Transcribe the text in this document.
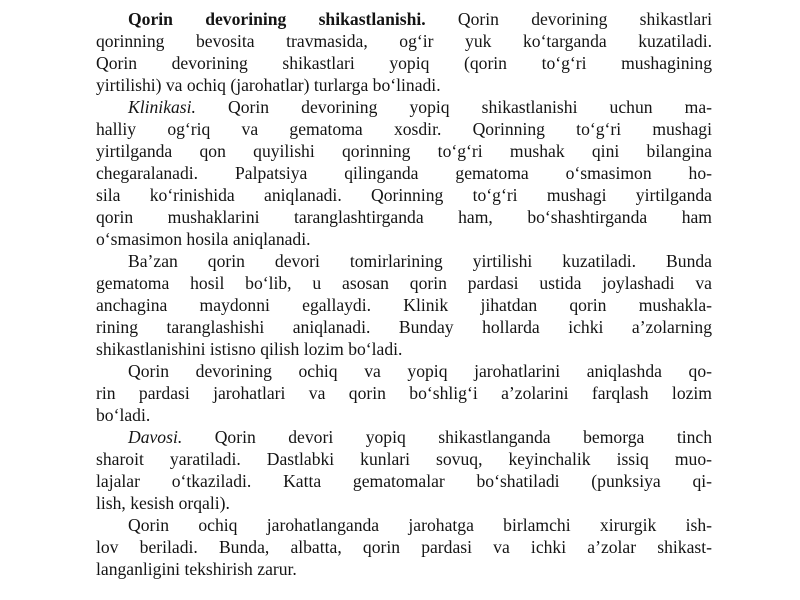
Qorin devorining shikastlanishi. Qorin devorining shikastlari
qorinning bevosita travmasida, og‘ir yuk ko‘targanda kuzatiladi.
Qorin devorining shikastlari yopiq (qorin to‘g‘ri mushagining
yirtilishi) va ochiq (jarohatlar) turlarga bo‘linadi.
Klinikasi. Qorin devorining yopiq shikastlanishi uchun ma-
halliy og‘riq va gematoma xosdir. Qorinning to‘g‘ri mushagi
yirtilganda qon quyilishi qorinning to‘g‘ri mushak qini bilangina
chegaralanadi. Palpatsiya qilinganda gematoma o‘smasimon ho-
sila ko‘rinishida aniqlanadi. Qorinning to‘g‘ri mushagi yirtilganda
qorin mushaklarini taranglashtirganda ham, bo‘shashtirganda ham
o‘smasimon hosila aniqlanadi.
Ba’zan qorin devori tomirlarining yirtilishi kuzatiladi. Bunda
gematoma hosil bo‘lib, u asosan qorin pardasi ustida joylashadi va
anchagina maydonni egallaydi. Klinik jihatdan qorin mushakla-
rining taranglashishi aniqlanadi. Bunday hollarda ichki a’zolarning
shikastlanishini istisno qilish lozim bo‘ladi.
Qorin devorining ochiq va yopiq jarohatlarini aniqlashda qo-
rin pardasi jarohatlari va qorin bo‘shlig‘i a’zolarini farqlash lozim
bo‘ladi.
Davosi. Qorin devori yopiq shikastlanganda bemorga tinch
sharoit yaratiladi. Dastlabki kunlari sovuq, keyinchalik issiq muo-
lajalar o‘tkaziladi. Katta gematomalar bo‘shatiladi (punksiya qi-
lish, kesish orqali).
Qorin ochiq jarohatlanganda jarohatga birlamchi xirurgik ish-
lov beriladi. Bunda, albatta, qorin pardasi va ichki a’zolar shikast-
langanligini tekshirish zarur.
